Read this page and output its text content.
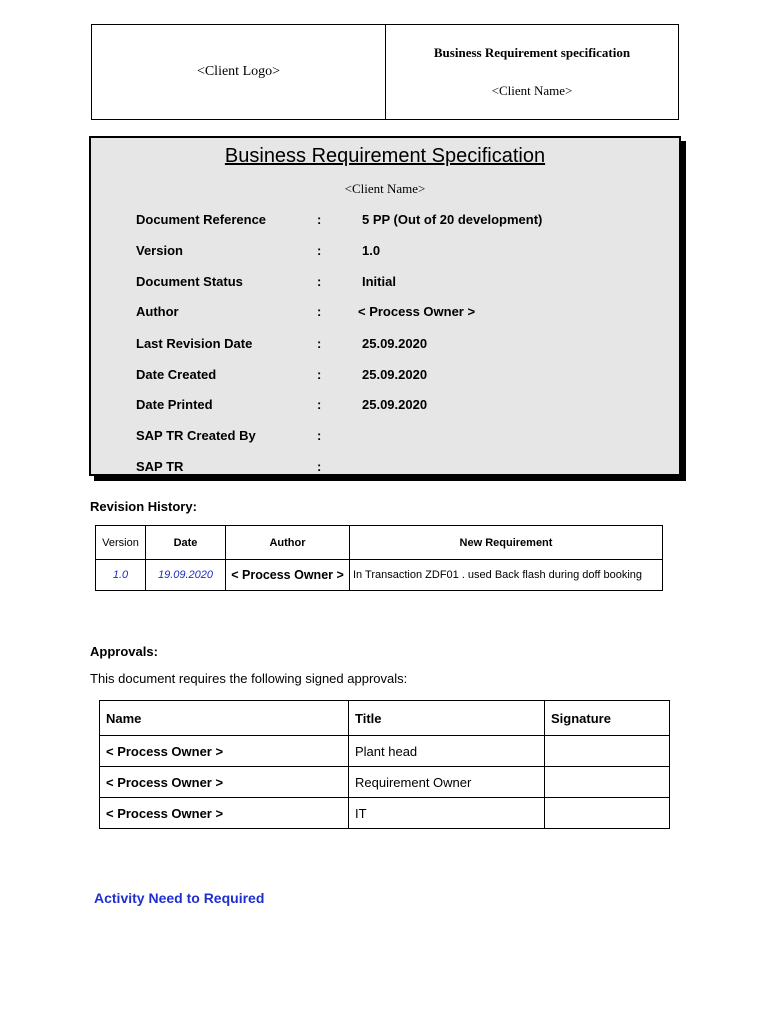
<Client Logo>	
Business Requirement specification
<Client Name>
Business Requirement Specification
<Client Name>
Document Reference	:	5 PP (Out of 20 development)
Version	:	1.0
Document Status	:	Initial
Author	:	< Process Owner >
Last Revision Date	:	25.09.2020
Date Created	:	25.09.2020
Date Printed	:	25.09.2020
SAP TR Created By	:
SAP TR	:
Revision History:
Version	Date	Author	New Requirement
1.0	19.09.2020	< Process Owner >	In Transaction ZDF01 . used Back flash during doff booking
Approvals:
This document requires the following signed approvals:
Name	Title	Signature
< Process Owner >	Plant head	
< Process Owner >	Requirement Owner	
< Process Owner >	IT	
Activity Need to Required
